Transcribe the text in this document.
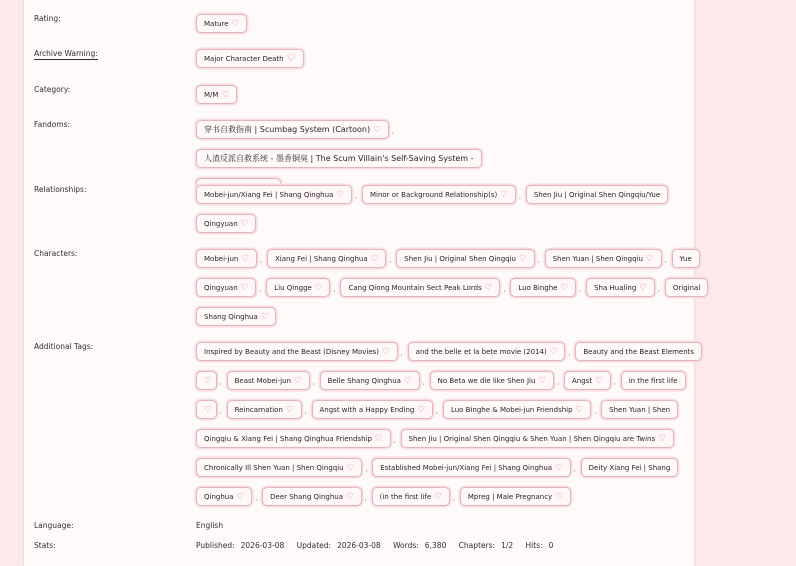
Rating:
Mature ♡
Archive Warning:
Major Character Death ♡
Category:
M/M ♡
Fandoms:
穿书自救指南 | Scumbag System (Cartoon) ♡ ,
人渣反派自救系统 - 墨香铜臭 | The Scum Villain's Self-Saving System -

Relationships:
Mobei-jun/Xiang Fei | Shang Qinghua ♡ , Minor or Background Relationship(s) ♡ , Shen Jiu | Original Shen Qingqiu/Yue

Qingyuan ♡
Characters:
Mobei-jun ♡ , Xiang Fei | Shang Qinghua ♡ , Shen Jiu | Original Shen Qingqiu ♡ , Shen Yuan | Shen Qingqiu ♡ , Yue
Qingyuan ♡ , Liu Qingge ♡ , Cang Qiong Mountain Sect Peak Lords ♡ , Luo Binghe ♡ , Sha Hualing ♡ , Original
Shang Qinghua ♡
Additional Tags:
Inspired by Beauty and the Beast (Disney Movies) ♡ , and the belle et la bete movie (2014) ♡ , Beauty and the Beast Elements
♡ , Beast Mobei-jun ♡ , Belle Shang Qinghua ♡ , No Beta we die like Shen Jiu ♡ , Angst ♡ , in the first life
♡ , Reincarnation ♡ , Angst with a Happy Ending ♡ , Luo Binghe & Mobei-jun Friendship ♡ , Shen Yuan | Shen
Qingqiu & Xiang Fei | Shang Qinghua Friendship ♡ , Shen Jiu | Original Shen Qingqiu & Shen Yuan | Shen Qingqiu are Twins ♡
Chronically Ill Shen Yuan | Shen Qingqiu ♡ , Established Mobei-jun/Xiang Fei | Shang Qinghua ♡ , Deity Xiang Fei | Shang
Qinghua ♡ , Deer Shang Qinghua ♡ , (in the first life ♡ , Mpreg | Male Pregnancy ♡
Language:	English
Stats:	Published: 2026-03-08 Updated: 2026-03-08 Words: 6,380 Chapters: 1/2 Hits: 0
